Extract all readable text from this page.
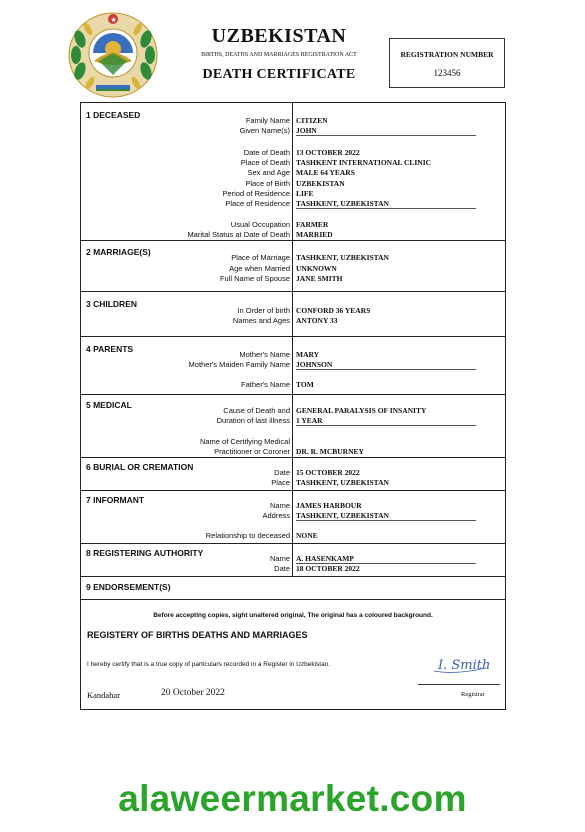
★
UZBEKISTAN
BIRTHS, DEATHS AND MARRIAGES REGISTRATION ACT
DEATH CERTIFICATE
REGISTRATION NUMBER
123456
1 DECEASED
Family Name CITIZEN
Given Name(s) JOHN
Date of Death 13 OCTOBER 2022
Place of Death TASHKENT INTERNATIONAL CLINIC
Sex and Age MALE 64 YEARS
Place of Birth UZBEKISTAN
Period of Residence LIFE
Place of Residence TASHKENT, UZBEKISTAN
Usual Occupation FARMER
Marital Status at Date of Death MARRIED
2 MARRIAGE(S)
Place of Marriage TASHKENT, UZBEKISTAN
Age when Married UNKNOWN
Full Name of Spouse JANE SMITH
3 CHILDREN
In Order of birth CONFORD 36 YEARS
Names and Ages ANTONY 33
4 PARENTS
Mother's Name MARY
Mother's Maiden Family Name JOHNSON
Father's Name TOM
5 MEDICAL
Cause of Death and GENERAL PARALYSIS OF INSANITY
Duration of last illness 1 YEAR
Name of Certifying Medical
Practitioner or Coroner DR. R. MCBURNEY
6 BURIAL OR CREMATION
Date 15 OCTOBER 2022
Place TASHKENT, UZBEKISTAN
7 INFORMANT
Name JAMES HARBOUR
Address TASHKENT, UZBEKISTAN
Relationship to deceased NONE
8 REGISTERING AUTHORITY
Name A. HASENKAMP
Date 18 OCTOBER 2022
9 ENDORSEMENT(S)
Before accepting copies, sight unaltered original, The original has a coloured background.
REGISTERY OF BIRTHS DEATHS AND MARRIAGES
I hereby certify that is a true copy of particulars recorded in a Register in Uzbekistan.
Kandahar	20 October 2022
I. Smith
Registrar
alaweermarket.com
